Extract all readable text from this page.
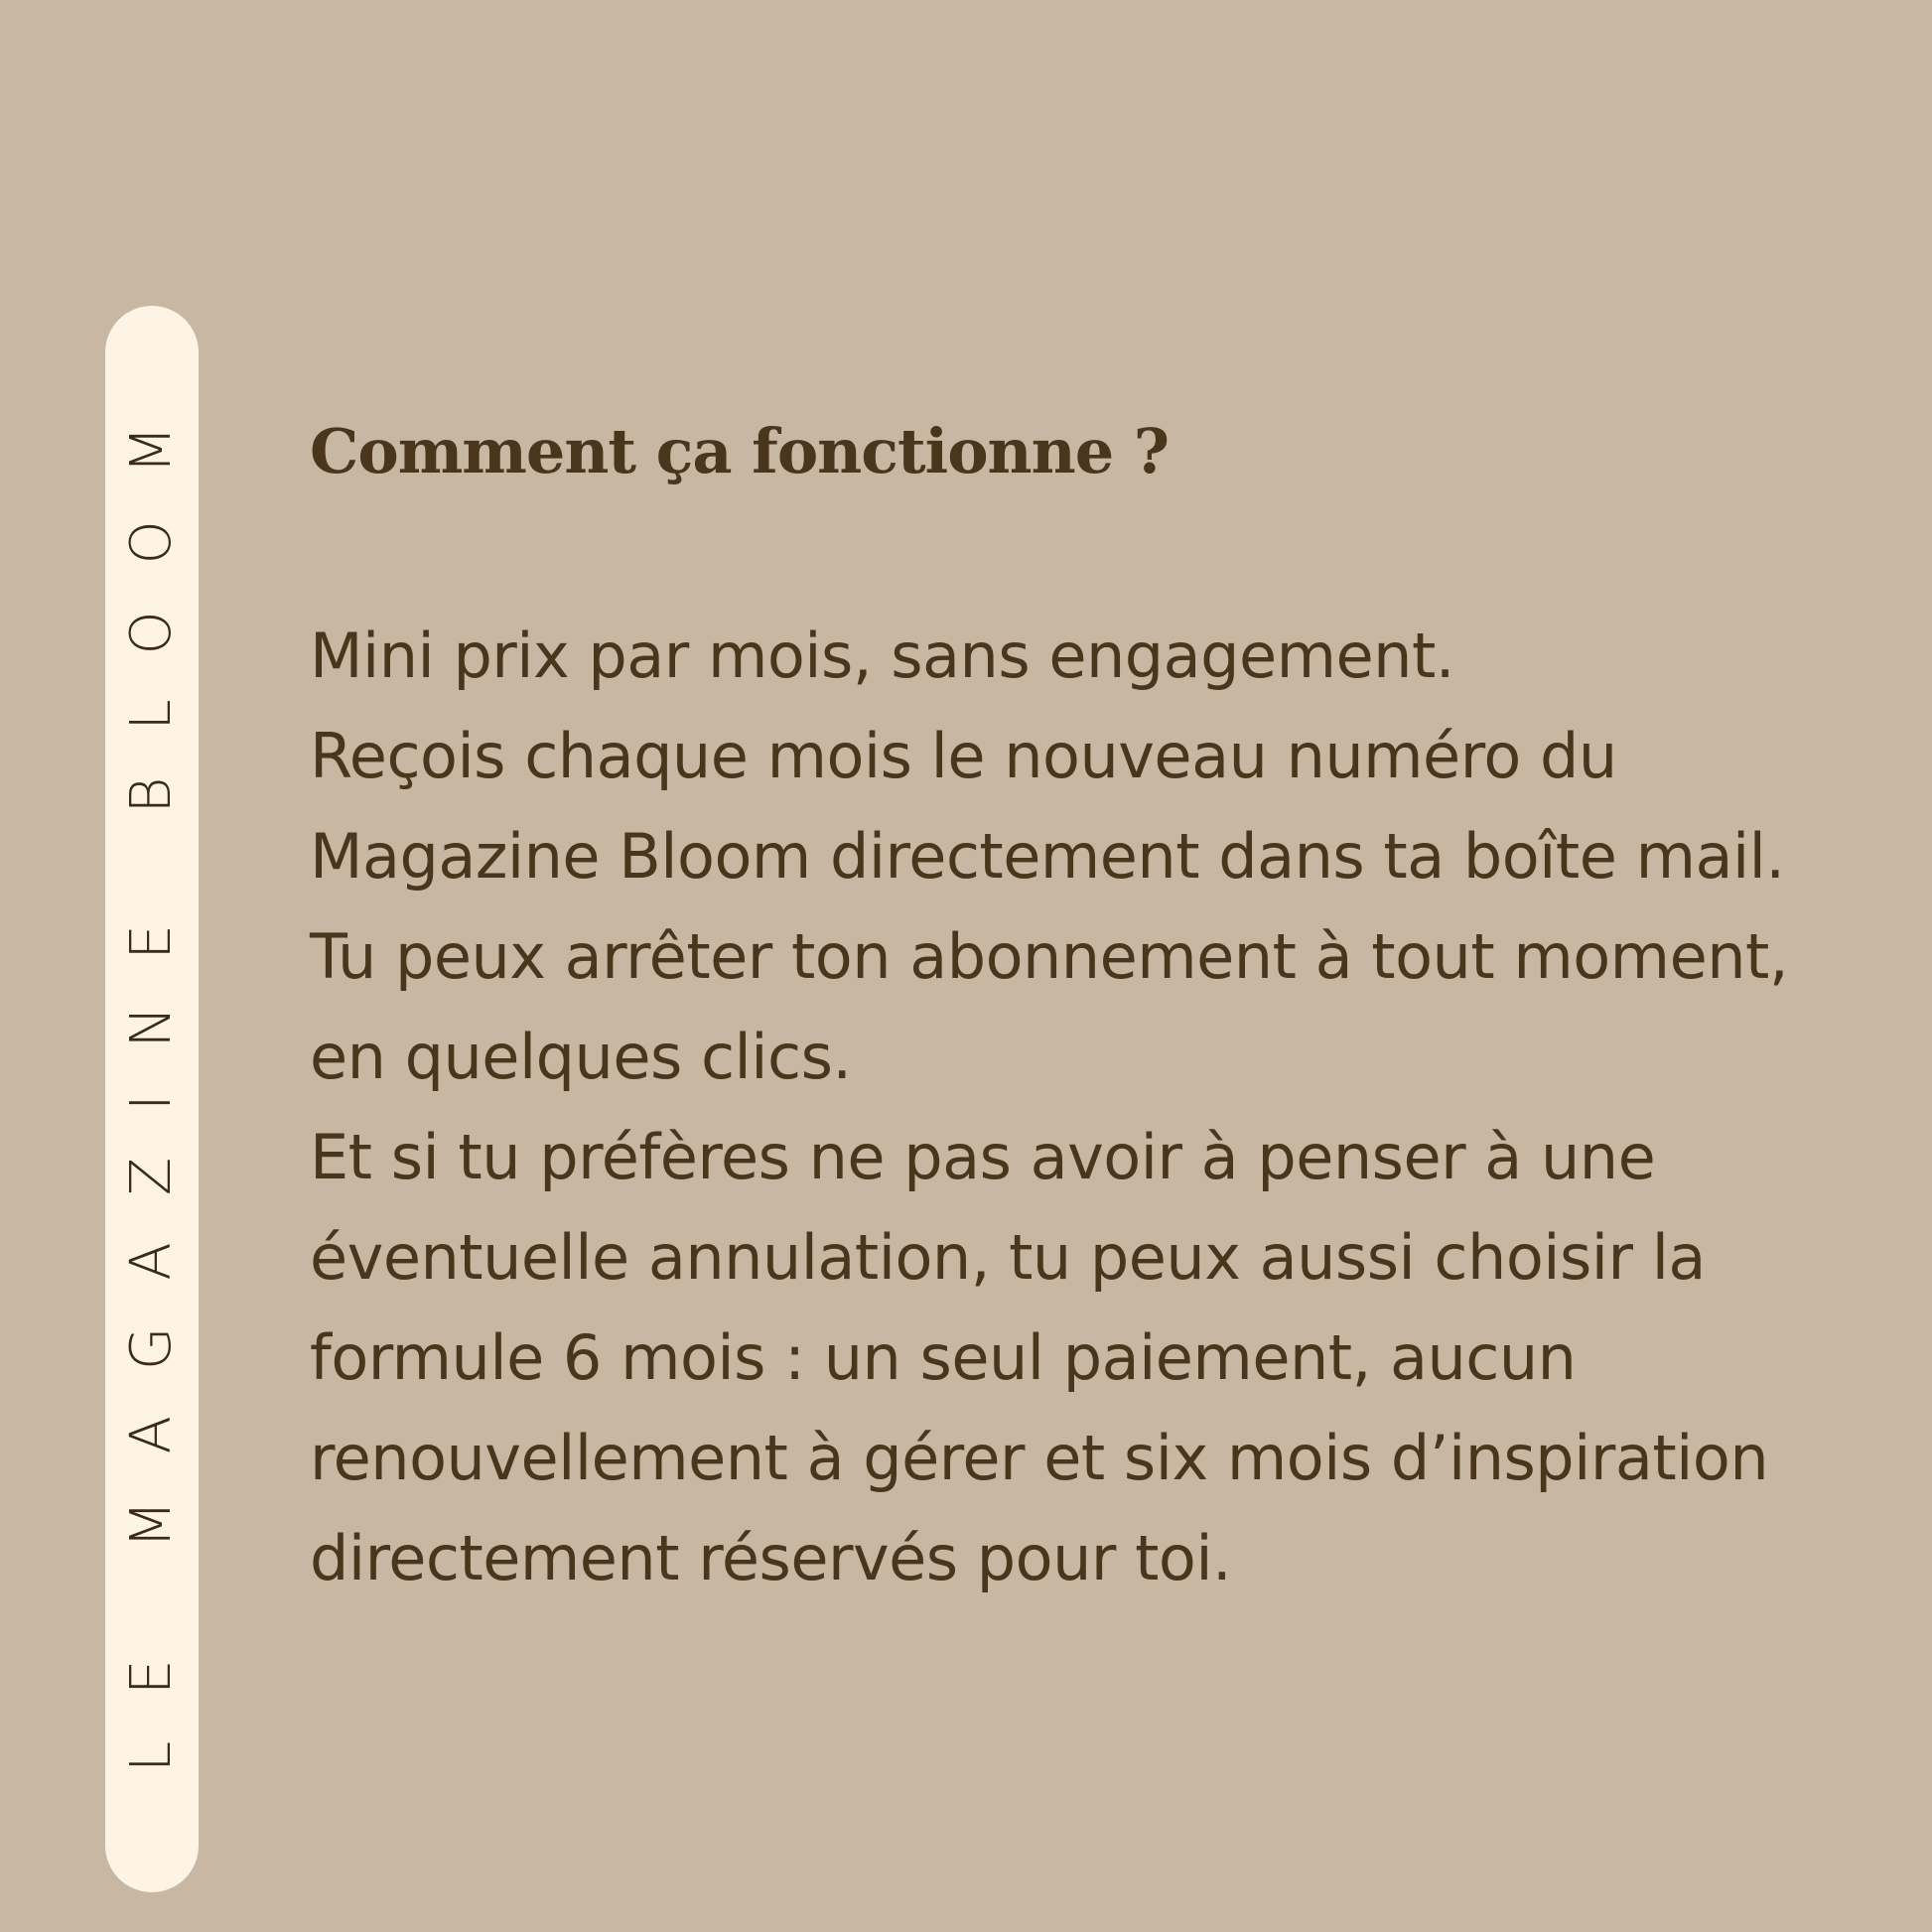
LE MAGAZINE BLOOM Comment ça fonctionne ?
Mini prix par mois, sans engagement.
Reçois chaque mois le nouveau numéro du Magazine Bloom directement dans ta boîte mail.
Tu peux arrêter ton abonnement à tout moment, en quelques clics.
Et si tu préfères ne pas avoir à penser à une éventuelle annulation, tu peux aussi choisir la formule 6 mois : un seul paiement, aucun renouvellement à gérer et six mois d’inspiration directement réservés pour toi.
